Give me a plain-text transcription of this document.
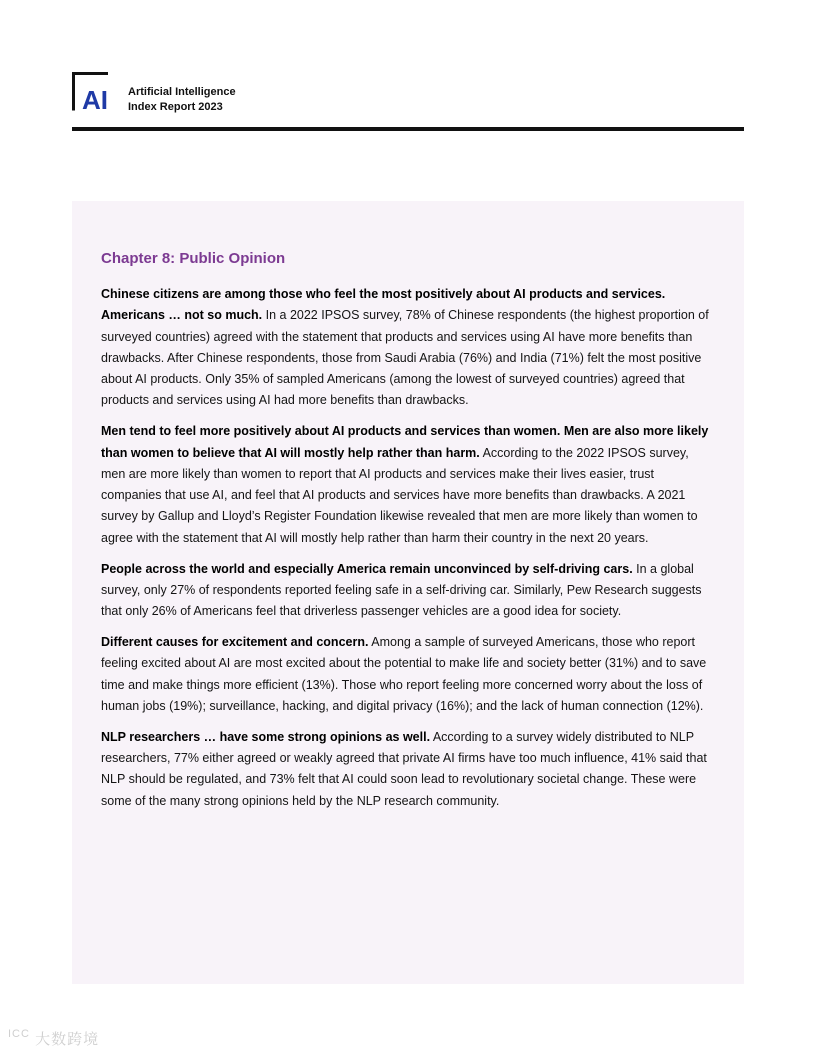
AI Artificial Intelligence
Index Report 2023
Chapter 8: Public Opinion

Chinese citizens are among those who feel the most positively about AI products and services. Americans … not so much. In a 2022 IPSOS survey, 78% of Chinese respondents (the highest proportion of surveyed countries) agreed with the statement that products and services using AI have more benefits than drawbacks. After Chinese respondents, those from Saudi Arabia (76%) and India (71%) felt the most positive about AI products. Only 35% of sampled Americans (among the lowest of surveyed countries) agreed that products and services using AI had more benefits than drawbacks.

Men tend to feel more positively about AI products and services than women. Men are also more likely than women to believe that AI will mostly help rather than harm. According to the 2022 IPSOS survey, men are more likely than women to report that AI products and services make their lives easier, trust companies that use AI, and feel that AI products and services have more benefits than drawbacks. A 2021 survey by Gallup and Lloyd’s Register Foundation likewise revealed that men are more likely than women to agree with the statement that AI will mostly help rather than harm their country in the next 20 years.

People across the world and especially America remain unconvinced by self-driving cars. In a global survey, only 27% of respondents reported feeling safe in a self-driving car. Similarly, Pew Research suggests that only 26% of Americans feel that driverless passenger vehicles are a good idea for society.

Different causes for excitement and concern. Among a sample of surveyed Americans, those who report feeling excited about AI are most excited about the potential to make life and society better (31%) and to save time and make things more efficient (13%). Those who report feeling more concerned worry about the loss of human jobs (19%); surveillance, hacking, and digital privacy (16%); and the lack of human connection (12%).

NLP researchers … have some strong opinions as well. According to a survey widely distributed to NLP researchers, 77% either agreed or weakly agreed that private AI firms have too much influence, 41% said that NLP should be regulated, and 73% felt that AI could soon lead to revolutionary societal change. These were some of the many strong opinions held by the NLP research community.

$^{ICC}$ 大数跨境
